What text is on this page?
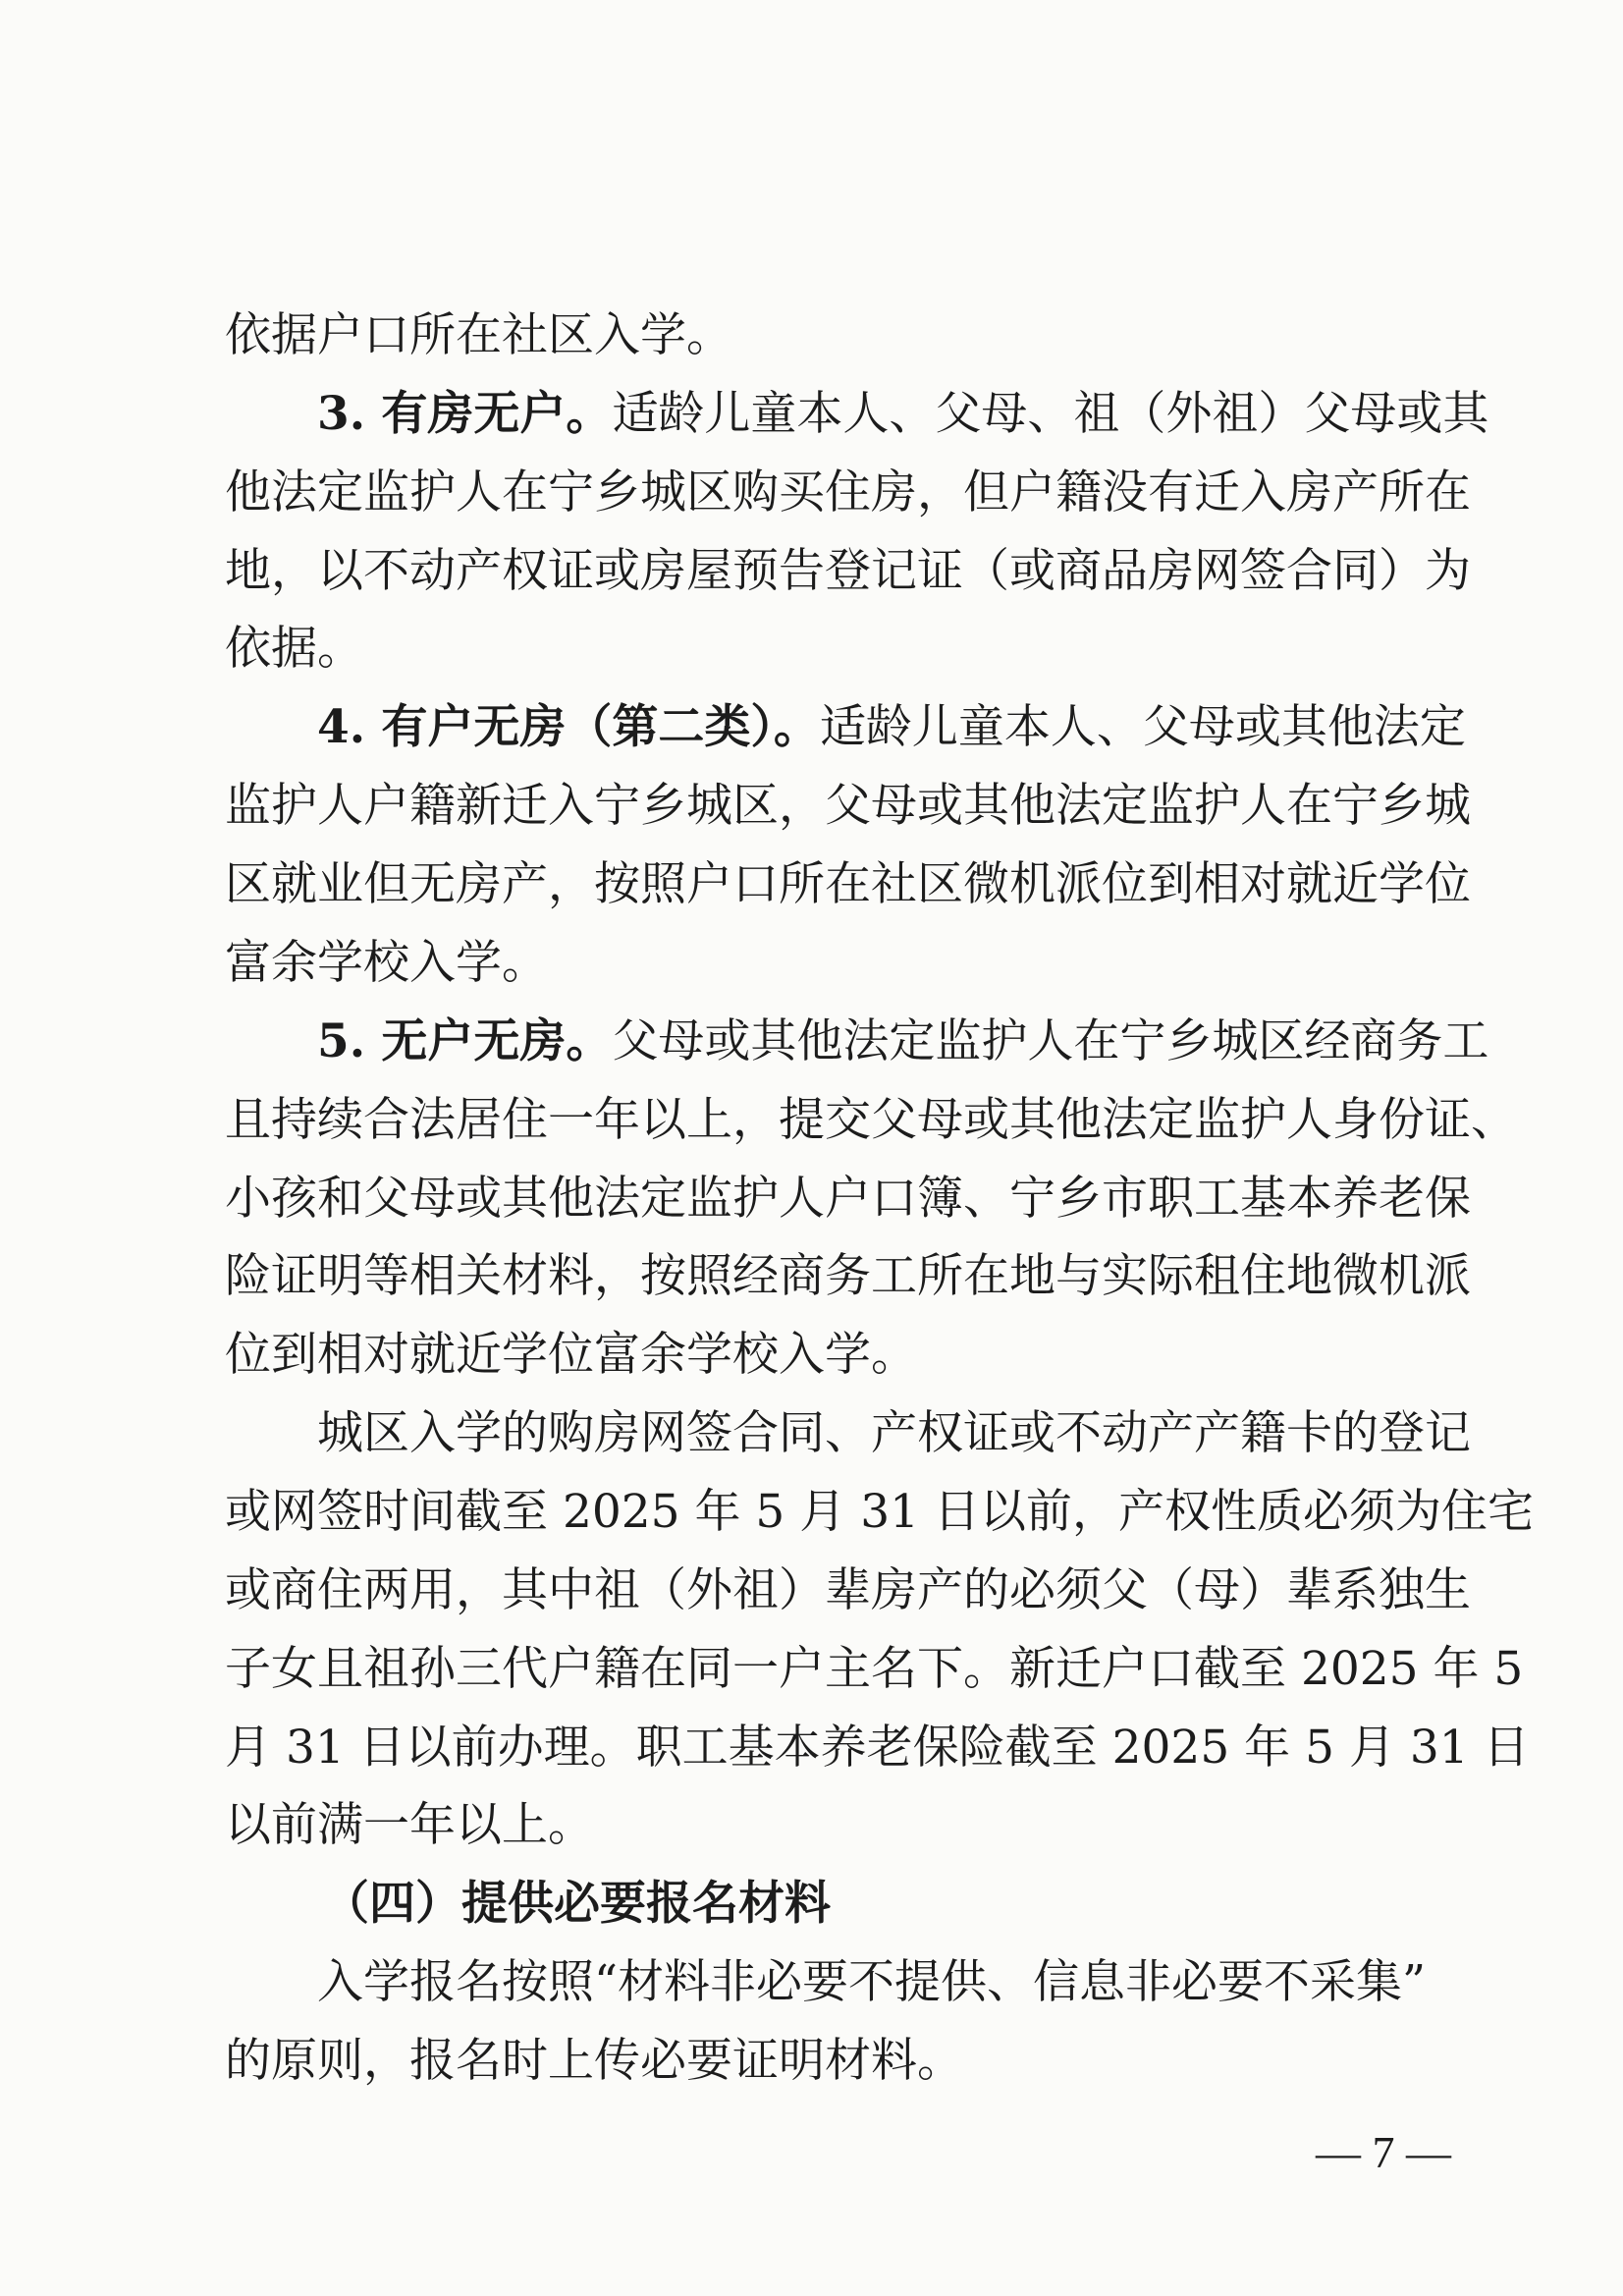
依据户口所在社区入学。
3. 有房无户。适龄儿童本人、父母、祖（外祖）父母或其
他法定监护人在宁乡城区购买住房，但户籍没有迁入房产所在
地，以不动产权证或房屋预告登记证（或商品房网签合同）为
依据。
4. 有户无房（第二类）。适龄儿童本人、父母或其他法定
监护人户籍新迁入宁乡城区，父母或其他法定监护人在宁乡城
区就业但无房产，按照户口所在社区微机派位到相对就近学位
富余学校入学。
5. 无户无房。父母或其他法定监护人在宁乡城区经商务工
且持续合法居住一年以上，提交父母或其他法定监护人身份证、
小孩和父母或其他法定监护人户口簿、宁乡市职工基本养老保
险证明等相关材料，按照经商务工所在地与实际租住地微机派
位到相对就近学位富余学校入学。
城区入学的购房网签合同、产权证或不动产产籍卡的登记
或网签时间截至 2025 年 5 月 31 日以前，产权性质必须为住宅
或商住两用，其中祖（外祖）辈房产的必须父（母）辈系独生
子女且祖孙三代户籍在同一户主名下。新迁户口截至 2025 年 5
月 31 日以前办理。职工基本养老保险截至 2025 年 5 月 31 日
以前满一年以上。
（四）提供必要报名材料
入学报名按照“材料非必要不提供、信息非必要不采集”
的原则，报名时上传必要证明材料。
— 7 —
